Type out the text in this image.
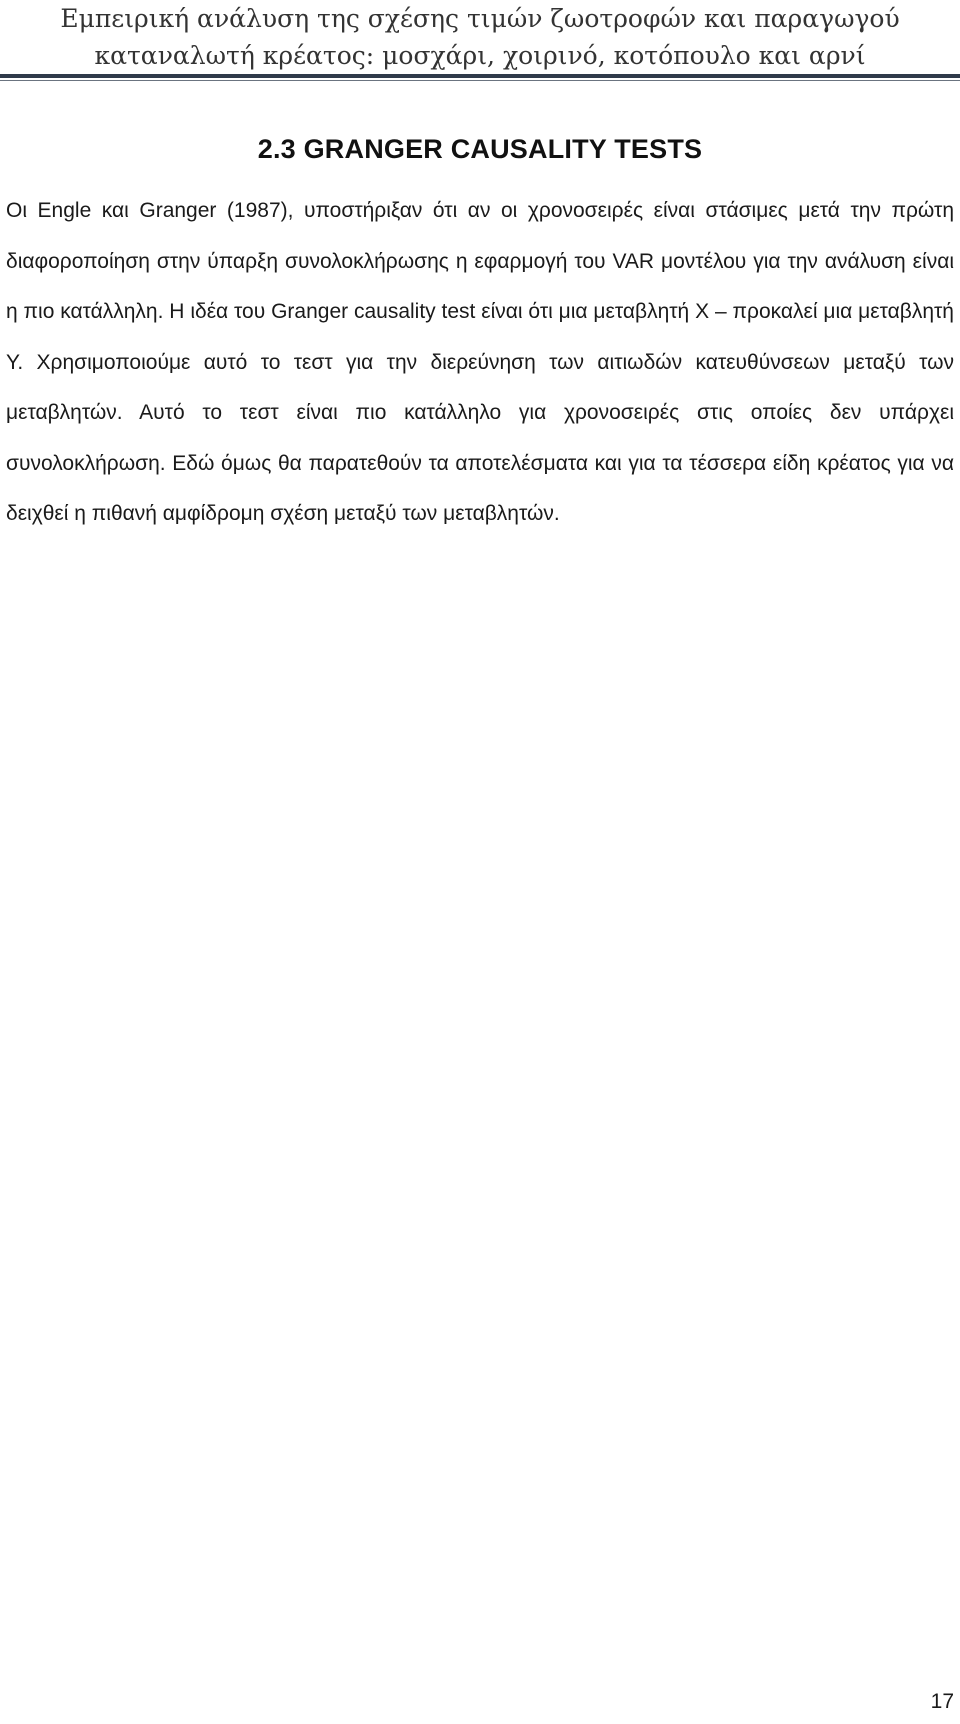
Εμπειρική ανάλυση της σχέσης τιμών ζωοτροφών και παραγωγού
καταναλωτή κρέατος: μοσχάρι, χοιρινό, κοτόπουλο και αρνί
2.3 GRANGER CAUSALITY TESTS

Οι Engle και Granger (1987), υποστήριξαν ότι αν οι χρονοσειρές είναι στάσιμες μετά την πρώτη διαφοροποίηση στην ύπαρξη συνολοκλήρωσης η εφαρμογή του VAR μοντέλου για την ανάλυση είναι η πιο κατάλληλη. Η ιδέα του Granger causality test είναι ότι μια μεταβλητή Χ – προκαλεί μια μεταβλητή Υ. Χρησιμοποιούμε αυτό το τεστ για την διερεύνηση των αιτιωδών κατευθύνσεων μεταξύ των μεταβλητών. Αυτό το τεστ είναι πιο κατάλληλο για χρονοσειρές στις οποίες δεν υπάρχει συνολοκλήρωση. Εδώ όμως θα παρατεθούν τα αποτελέσματα και για τα τέσσερα είδη κρέατος για να δειχθεί η πιθανή αμφίδρομη σχέση μεταξύ των μεταβλητών.

17
